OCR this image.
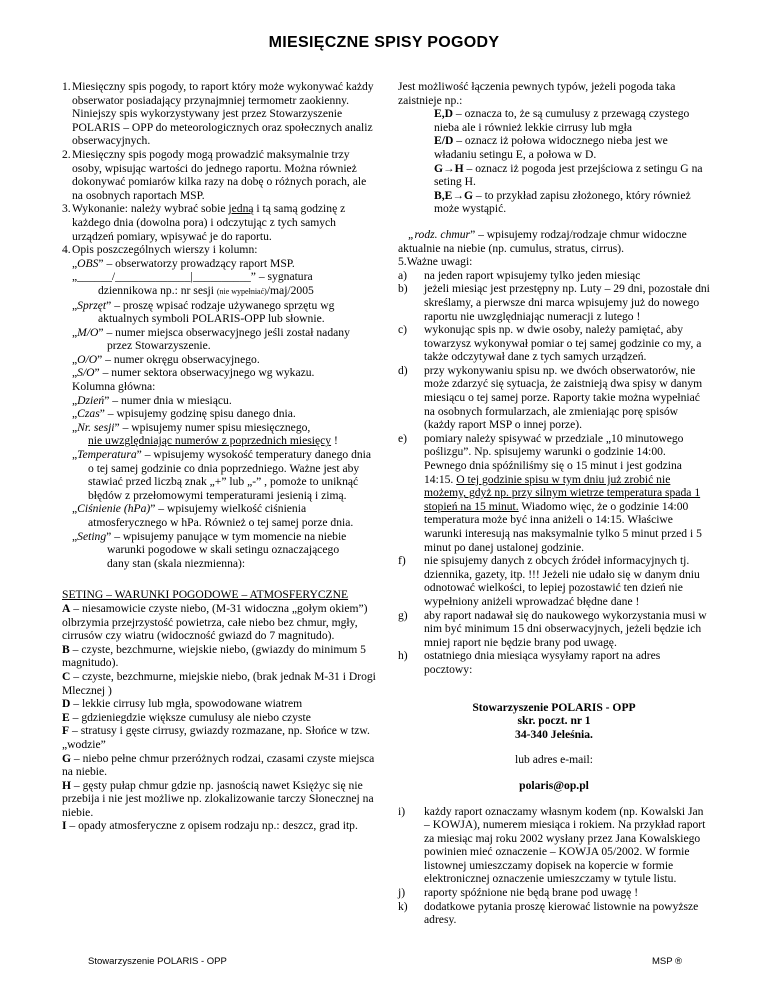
MIESIĘCZNE SPISY POGODY
1. Miesięczny spis pogody, to raport który może wykonywać każdy obserwator posiadający przynajmniej termometr zaokienny. Niniejszy spis wykorzystywany jest przez Stowarzyszenie POLARIS – OPP do meteorologicznych oraz społecznych analiz obserwacyjnych.
2. Miesięczny spis pogody mogą prowadzić maksymalnie trzy osoby, wpisując wartości do jednego raportu. Można również dokonywać pomiarów kilka razy na dobę o różnych porach, ale na osobnych raportach MSP.
3. Wykonanie: należy wybrać sobie jedną i tą samą godzinę z każdego dnia (dowolna pora) i odczytując z tych samych urządzeń pomiary, wpisywać je do raportu.
4. Opis poszczególnych wierszy i kolumn:

„OBS” – obserwatorzy prowadzący raport MSP.

„______/_____________|__________” – sygnatura

dziennikowa np.: nr sesji (nie wypełniać)/maj/2005

„Sprzęt” – proszę wpisać rodzaje używanego sprzętu wg

aktualnych symboli POLARIS-OPP lub słownie.

„M/O” – numer miejsca obserwacyjnego jeśli został nadany

przez Stowarzyszenie.

„O/O” – numer okręgu obserwacyjnego.

„S/O” – numer sektora obserwacyjnego wg wykazu.

Kolumna główna:

„Dzień” – numer dnia w miesiącu.

„Czas” – wpisujemy godzinę spisu danego dnia.

„Nr. sesji” – wpisujemy numer spisu miesięcznego,

nie uwzględniając numerów z poprzednich miesięcy !

„Temperatura” – wpisujemy wysokość temperatury danego dnia

o tej samej godzinie co dnia poprzedniego. Ważne jest aby

stawiać przed liczbą znak „+” lub „-” , pomoże to uniknąć

błędów z przełomowymi temperaturami jesienią i zimą.

„Ciśnienie (hPa)” – wpisujemy wielkość ciśnienia

atmosferycznego w hPa. Również o tej samej porze dnia.

„Seting” – wpisujemy panujące w tym momencie na niebie

warunki pogodowe w skali setingu oznaczającego

dany stan (skala niezmienna):

SETING – WARUNKI POGODOWE – ATMOSFERYCZNE

A – niesamowicie czyste niebo, (M-31 widoczna „gołym okiem”) olbrzymia przejrzystość powietrza, całe niebo bez chmur, mgły, cirrusów czy wiatru (widoczność gwiazd do 7 magnitudo).

B – czyste, bezchmurne, wiejskie niebo, (gwiazdy do minimum 5 magnitudo).

C – czyste, bezchmurne, miejskie niebo, (brak jednak M-31 i Drogi Mlecznej )

D – lekkie cirrusy lub mgła, spowodowane wiatrem

E – gdzieniegdzie większe cumulusy ale niebo czyste

F – stratusy i gęste cirrusy, gwiazdy rozmazane, np. Słońce w tzw. „wodzie”

G – niebo pełne chmur przeróżnych rodzai, czasami czyste miejsca na niebie.

H – gęsty pułap chmur gdzie np. jasnością nawet Księżyc się nie przebija i nie jest możliwe np. zlokalizowanie tarczy Słonecznej na niebie.

I – opady atmosferyczne z opisem rodzaju np.: deszcz, grad itp.

Jest możliwość łączenia pewnych typów, jeżeli pogoda taka zaistnieje np.:

E,D – oznacza to, że są cumulusy z przewagą czystego nieba ale i również lekkie cirrusy lub mgła

E/D – oznacz iż połowa widocznego nieba jest we władaniu setingu E, a połowa w D.

G→H – oznacz iż pogoda jest przejściowa z setingu G na seting H.

B,E→G – to przykład zapisu złożonego, który również może wystąpić.

„rodz. chmur” – wpisujemy rodzaj/rodzaje chmur widoczne aktualnie na niebie (np. cumulus, stratus, cirrus).

5.Ważne uwagi:

a)	na jeden raport wpisujemy tylko jeden miesiąc
b)	jeżeli miesiąc jest przestępny np. Luty – 29 dni, pozostałe dni skreślamy, a pierwsze dni marca wpisujemy już do nowego raportu nie uwzględniając numeracji z lutego !
c)	wykonując spis np. w dwie osoby, należy pamiętać, aby towarzysz wykonywał pomiar o tej samej godzinie co my, a także odczytywał dane z tych samych urządzeń.
d)	przy wykonywaniu spisu np. we dwóch obserwatorów, nie może zdarzyć się sytuacja, że zaistnieją dwa spisy w danym miesiącu o tej samej porze. Raporty takie można wypełniać na osobnych formularzach, ale zmieniając porę spisów (każdy raport MSP o innej porze).
e)	pomiary należy spisywać w przedziale „10 minutowego poślizgu”. Np. spisujemy warunki o godzinie 14:00. Pewnego dnia spóźniliśmy się o 15 minut i jest godzina 14:15. O tej godzinie spisu w tym dniu już zrobić nie możemy, gdyż np. przy silnym wietrze temperatura spada 1 stopień na 15 minut. Wiadomo więc, że o godzinie 14:00 temperatura może być inna aniżeli o 14:15. Właściwe warunki interesują nas maksymalnie tylko 5 minut przed i 5 minut po danej ustalonej godzinie.
f)	nie spisujemy danych z obcych źródeł informacyjnych tj. dziennika, gazety, itp. !!! Jeżeli nie udało się w danym dniu odnotować wielkości, to lepiej pozostawić ten dzień nie wypełniony aniżeli wprowadzać błędne dane !
g)	aby raport nadawał się do naukowego wykorzystania musi w nim być minimum 15 dni obserwacyjnych, jeżeli będzie ich mniej raport nie będzie brany pod uwagę.
h)	ostatniego dnia miesiąca wysyłamy raport na adres pocztowy:

Stowarzyszenie POLARIS - OPP

skr. poczt. nr 1

34-340 Jeleśnia.

lub adres e-mail:

polaris@op.pl

i)	każdy raport oznaczamy własnym kodem (np. Kowalski Jan – KOWJA), numerem miesiąca i rokiem. Na przykład raport za miesiąc maj roku 2002 wysłany przez Jana Kowalskiego powinien mieć oznaczenie – KOWJA 05/2002. W formie listownej umieszczamy dopisek na kopercie w formie elektronicznej oznaczenie umieszczamy w tytule listu.
j)	raporty spóźnione nie będą brane pod uwagę !
k)	dodatkowe pytania proszę kierować listownie na powyższe adresy.
Stowarzyszenie POLARIS - OPP	MSP ®
